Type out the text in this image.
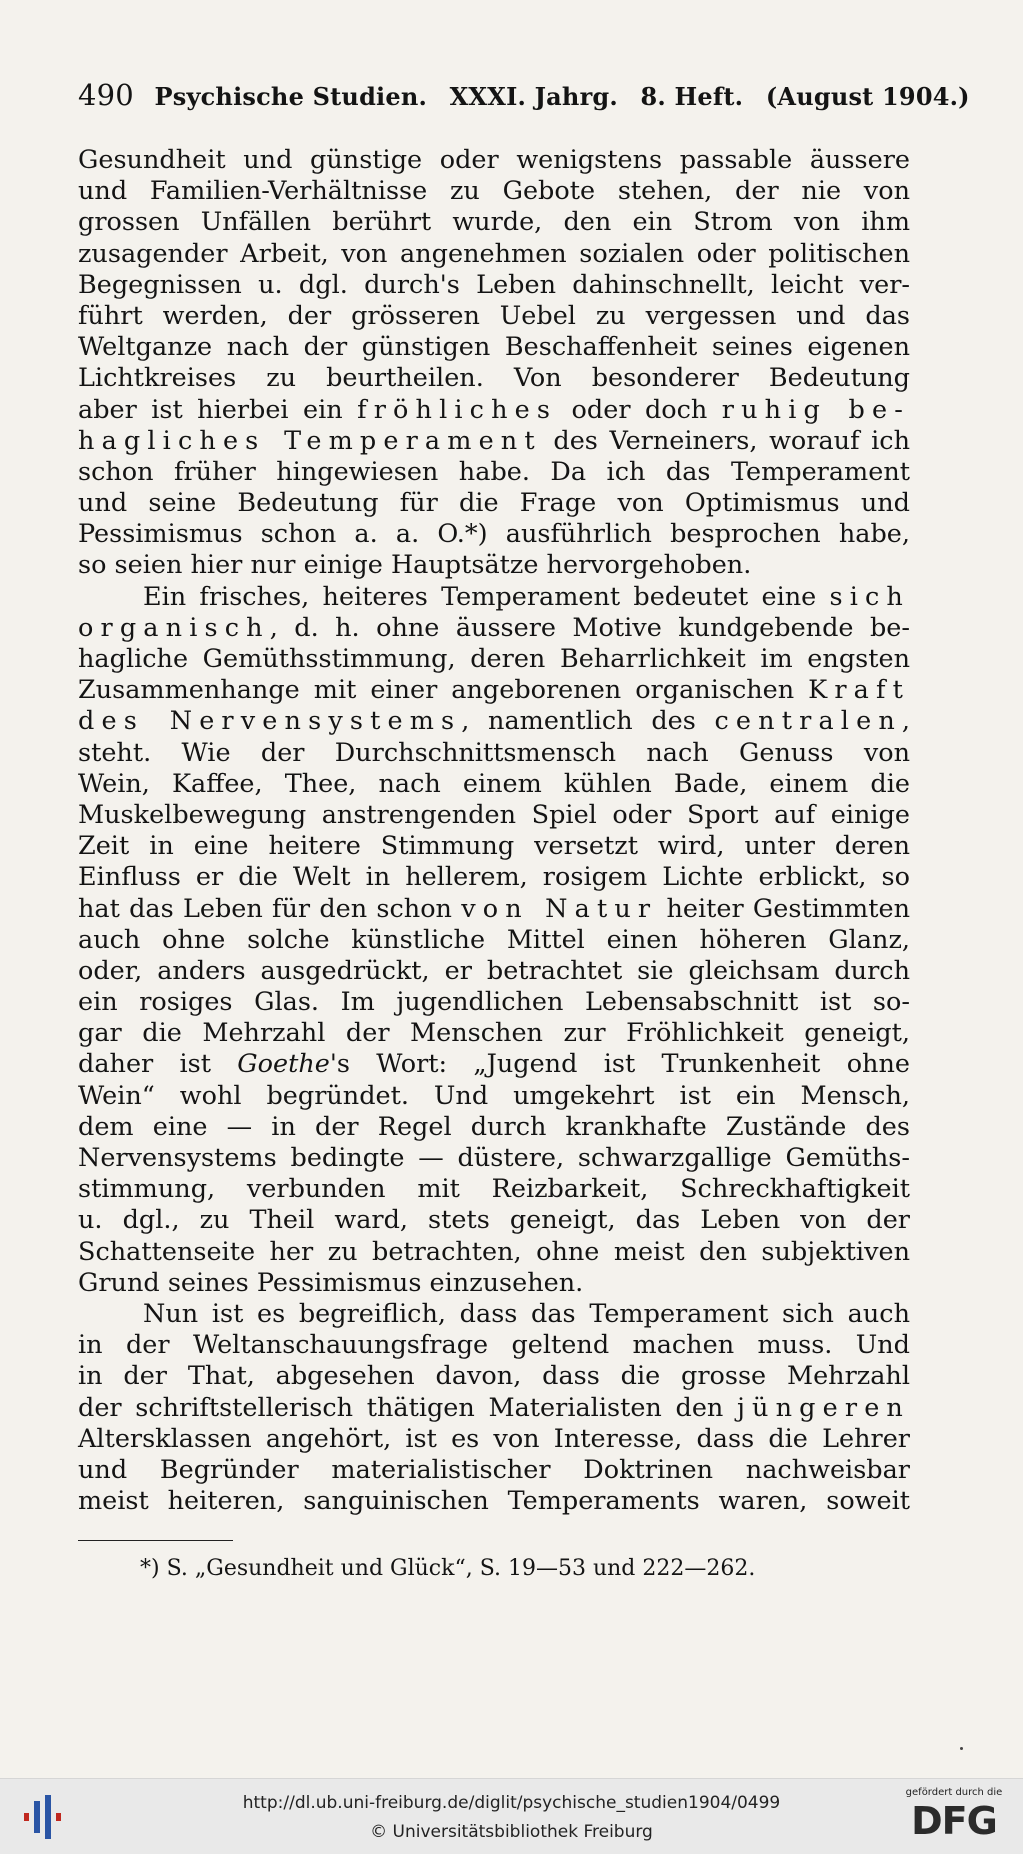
490 Psychische Studien. XXXI. Jahrg. 8. Heft. (August 1904.)
Gesundheit und günstige oder wenigstens passable äussere
und Familien-Verhältnisse zu Gebote stehen, der nie von
grossen Unfällen berührt wurde, den ein Strom von ihm
zusagender Arbeit, von angenehmen sozialen oder politischen
Begegnissen u. dgl. durch's Leben dahinschnellt, leicht ver-
führt werden, der grösseren Uebel zu vergessen und das
Weltganze nach der günstigen Beschaffenheit seines eigenen
Lichtkreises zu beurtheilen. Von besonderer Bedeutung
aber ist hierbei ein fröhliches oder doch ruhig be-
hagliches Temperament des Verneiners, worauf ich
schon früher hingewiesen habe. Da ich das Temperament
und seine Bedeutung für die Frage von Optimismus und
Pessimismus schon a. a. O.*) ausführlich besprochen habe,
so seien hier nur einige Hauptsätze hervorgehoben.
Ein frisches, heiteres Temperament bedeutet eine sich
organisch, d. h. ohne äussere Motive kundgebende be-
hagliche Gemüthsstimmung, deren Beharrlichkeit im engsten
Zusammenhange mit einer angeborenen organischen Kraft
des Nervensystems, namentlich des centralen,
steht. Wie der Durchschnittsmensch nach Genuss von
Wein, Kaffee, Thee, nach einem kühlen Bade, einem die
Muskelbewegung anstrengenden Spiel oder Sport auf einige
Zeit in eine heitere Stimmung versetzt wird, unter deren
Einfluss er die Welt in hellerem, rosigem Lichte erblickt, so
hat das Leben für den schon von Natur heiter Gestimmten
auch ohne solche künstliche Mittel einen höheren Glanz,
oder, anders ausgedrückt, er betrachtet sie gleichsam durch
ein rosiges Glas. Im jugendlichen Lebensabschnitt ist so-
gar die Mehrzahl der Menschen zur Fröhlichkeit geneigt,
daher ist Goethe's Wort: „Jugend ist Trunkenheit ohne
Wein“ wohl begründet. Und umgekehrt ist ein Mensch,
dem eine — in der Regel durch krankhafte Zustände des
Nervensystems bedingte — düstere, schwarzgallige Gemüths-
stimmung, verbunden mit Reizbarkeit, Schreckhaftigkeit
u. dgl., zu Theil ward, stets geneigt, das Leben von der
Schattenseite her zu betrachten, ohne meist den subjektiven
Grund seines Pessimismus einzusehen.
Nun ist es begreiflich, dass das Temperament sich auch
in der Weltanschauungsfrage geltend machen muss. Und
in der That, abgesehen davon, dass die grosse Mehrzahl
der schriftstellerisch thätigen Materialisten den jüngeren
Altersklassen angehört, ist es von Interesse, dass die Lehrer
und Begründer materialistischer Doktrinen nachweisbar
meist heiteren, sanguinischen Temperaments waren, soweit
*) S. „Gesundheit und Glück“, S. 19—53 und 222—262.
http://dl.ub.uni-freiburg.de/diglit/psychische_studien1904/0499
© Universitätsbibliothek Freiburg
gefördert durch die
DFG
